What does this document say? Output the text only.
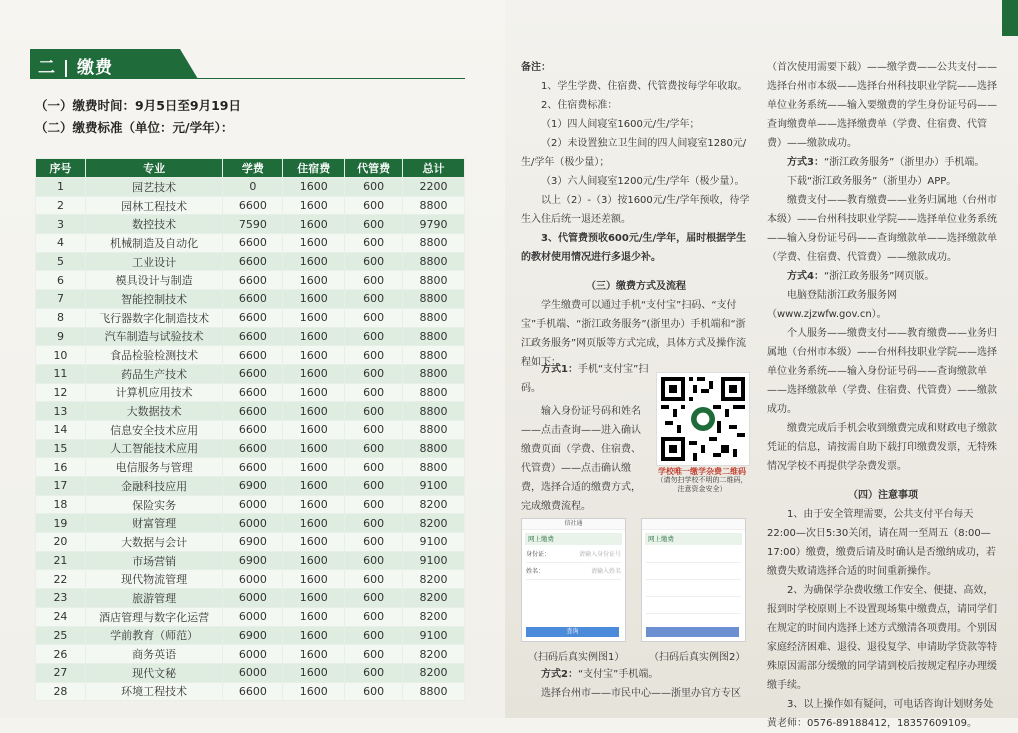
二 | 缴费
（一）缴费时间：9月5日至9月19日
（二）缴费标准（单位：元/学年）：
序号	专业	学费	住宿费	代管费	总计
1	园艺技术	0	1600	600	2200
2	园林工程技术	6600	1600	600	8800
3	数控技术	7590	1600	600	9790
4	机械制造及自动化	6600	1600	600	8800
5	工业设计	6600	1600	600	8800
6	模具设计与制造	6600	1600	600	8800
7	智能控制技术	6600	1600	600	8800
8	飞行器数字化制造技术	6600	1600	600	8800
9	汽车制造与试验技术	6600	1600	600	8800
10	食品检验检测技术	6600	1600	600	8800
11	药品生产技术	6600	1600	600	8800
12	计算机应用技术	6600	1600	600	8800
13	大数据技术	6600	1600	600	8800
14	信息安全技术应用	6600	1600	600	8800
15	人工智能技术应用	6600	1600	600	8800
16	电信服务与管理	6600	1600	600	8800
17	金融科技应用	6900	1600	600	9100
18	保险实务	6000	1600	600	8200
19	财富管理	6000	1600	600	8200
20	大数据与会计	6900	1600	600	9100
21	市场营销	6900	1600	600	9100
22	现代物流管理	6000	1600	600	8200
23	旅游管理	6000	1600	600	8200
24	酒店管理与数字化运营	6000	1600	600	8200
25	学前教育（师范）	6900	1600	600	9100
26	商务英语	6000	1600	600	8200
27	现代文秘	6000	1600	600	8200
28	环境工程技术	6600	1600	600	8800

备注：

1、学生学费、住宿费、代管费按每学年收取。

2、住宿费标准：

（1）四人间寝室1600元/生/学年；

（2）未设置独立卫生间的四人间寝室1280元/生/学年（极少量）；

（3）六人间寝室1200元/生/学年（极少量）。

以上（2）-（3）按1600元/生/学年预收，待学生入住后统一退还差额。

3、代管费预收600元/生/学年，届时根据学生的教材使用情况进行多退少补。

（三）缴费方式及流程

学生缴费可以通过手机“支付宝”扫码、“支付宝”手机端、“浙江政务服务”(浙里办）手机端和“浙江政务服务”网页版等方式完成，具体方式及操作流程如下：

方式1：手机“支付宝”扫码。

输入身份证号码和姓名——点击查询——进入确认缴费页面（学费、住宿费、代管费）——点击确认缴费，选择合适的缴费方式，完成缴费流程。

学校唯一缴学杂费二维码
（请勿扫学校不明的二维码，注意资金安全）
信社通
网上缴费
身份证：	请输入身份证号
姓名：	请输入姓名
查询
网上缴费
（扫码后真实例图1） （扫码后真实例图2）

方式2：“支付宝”手机端。

选择台州市——市民中心——浙里办官方专区

（首次使用需要下载）——缴学费——公共支付——选择台州市本级——选择台州科技职业学院——选择单位业务系统——输入要缴费的学生身份证号码——查询缴费单——选择缴费单（学费、住宿费、代管费）——缴款成功。

方式3：“浙江政务服务”（浙里办）手机端。

下载“浙江政务服务”（浙里办）APP。

缴费支付——教育缴费——业务归属地（台州市本级）——台州科技职业学院——选择单位业务系统——输入身份证号码——查询缴款单——选择缴款单（学费、住宿费、代管费）——缴款成功。

方式4：“浙江政务服务”网页版。

电脑登陆浙江政务服务网（www.zjzwfw.gov.cn）。

个人服务——缴费支付——教育缴费——业务归属地（台州市本级）——台州科技职业学院——选择单位业务系统——输入身份证号码——查询缴款单——选择缴款单（学费、住宿费、代管费）——缴款成功。

缴费完成后手机会收到缴费完成和财政电子缴款凭证的信息，请按需自助下载打印缴费发票，无特殊情况学校不再提供学杂费发票。

（四）注意事项

1、由于安全管理需要，公共支付平台每天22:00—次日5:30关闭，请在周一至周五（8:00—17:00）缴费，缴费后请及时确认是否缴纳成功，若缴费失败请选择合适的时间重新操作。

2、为确保学杂费收缴工作安全、便捷、高效，报到时学校原则上不设置现场集中缴费点，请同学们在规定的时间内选择上述方式缴清各项费用。个别因家庭经济困难、退役、退役复学、申请助学贷款等特殊原因需部分缓缴的同学请到校后按规定程序办理缓缴手续。

3、以上操作如有疑问，可电话咨询计划财务处黄老师：0576-89188412，18357609109。
